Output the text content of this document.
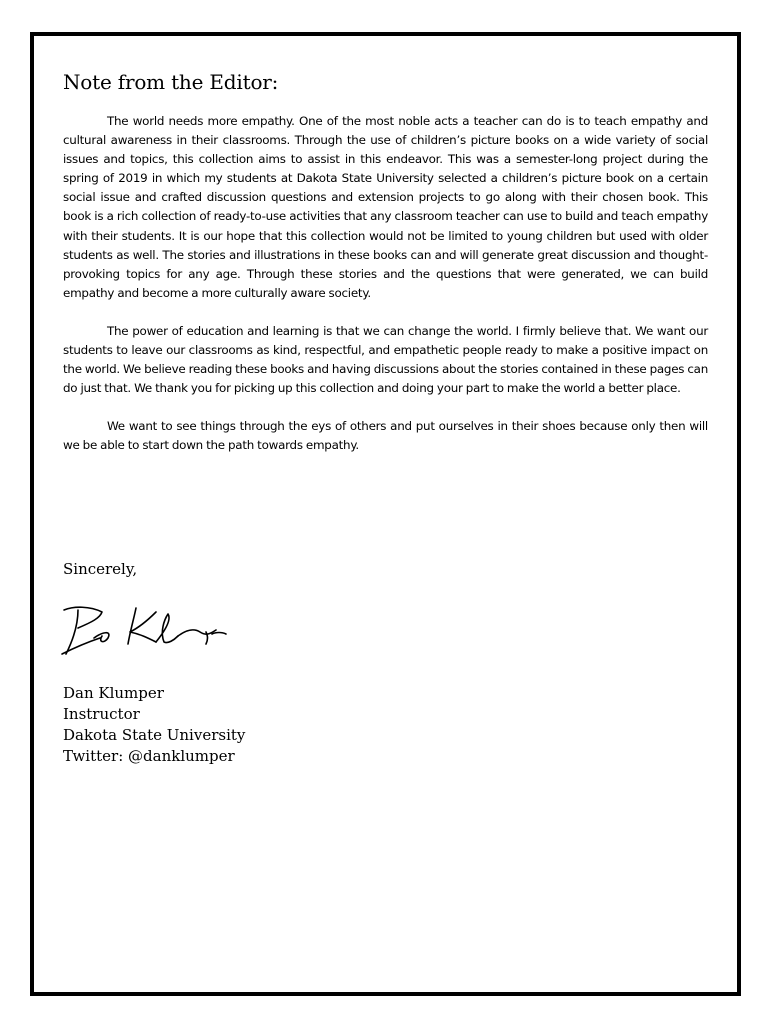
Note from the Editor:

The world needs more empathy. One of the most noble acts a teacher can do is to teach empathy and cultural awareness in their classrooms. Through the use of children’s picture books on a wide variety of social issues and topics, this collection aims to assist in this endeavor. This was a semester-long project during the spring of 2019 in which my students at Dakota State University selected a children’s picture book on a certain social issue and crafted discussion questions and extension projects to go along with their chosen book. This book is a rich collection of ready-to-use activities that any classroom teacher can use to build and teach empathy with their students. It is our hope that this collection would not be limited to young children but used with older students as well. The stories and illustrations in these books can and will generate great discussion and thought-provoking topics for any age. Through these stories and the questions that were generated, we can build empathy and become a more culturally aware society.

The power of education and learning is that we can change the world. I firmly believe that. We want our students to leave our classrooms as kind, respectful, and empathetic people ready to make a positive impact on the world. We believe reading these books and having discussions about the stories contained in these pages can do just that. We thank you for picking up this collection and doing your part to make the world a better place.

We want to see things through the eys of others and put ourselves in their shoes because only then will we be able to start down the path towards empathy.

Sincerely,

Dan Klumper
Instructor
Dakota State University
Twitter: @danklumper
